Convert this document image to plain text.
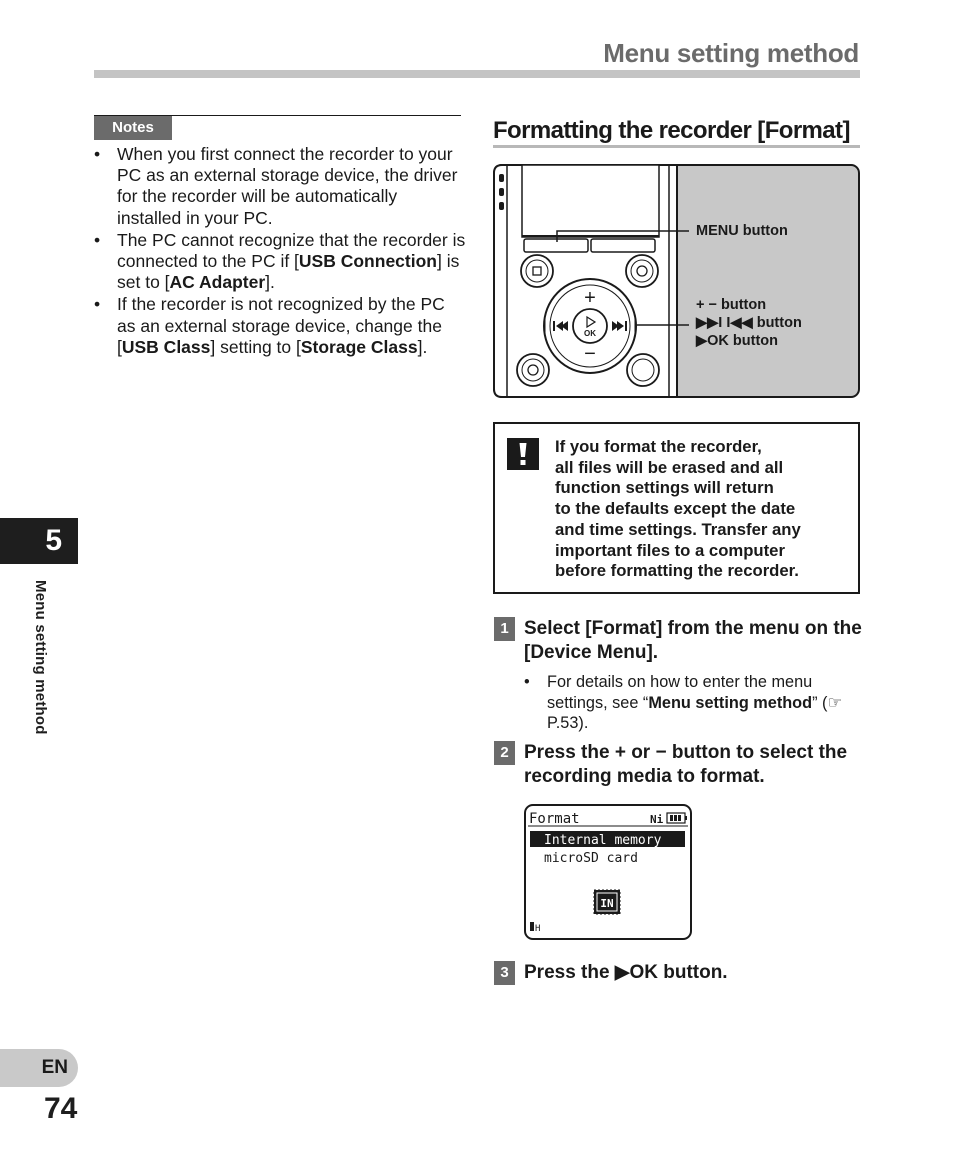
Menu setting method
5
Menu setting method
EN
74
Notes
• When you first connect the recorder to your PC as an external storage device, the driver for the recorder will be automatically installed in your PC.
• The PC cannot recognize that the recorder is connected to the PC if [USB Connection] is set to [AC Adapter].
• If the recorder is not recognized by the PC as an external storage device, change the [USB Class] setting to [Storage Class].
Formatting the recorder [Format]
OK
+
−
MENU button
+ − button
▶▶I I◀◀ button
▶OK button
If you format the recorder,
all files will be erased and all
function settings will return
to the defaults except the date
and time settings. Transfer any
important files to a computer
before formatting the recorder.
1 Select [Format] from the menu on the [Device Menu].
• For details on how to enter the menu settings, see “Menu setting method” (☞ P.53).
2 Press the + or − button to select the recording media to format.
Format	Ni
Internal memory
microSD card
IN
H
3 Press the ▶OK button.
